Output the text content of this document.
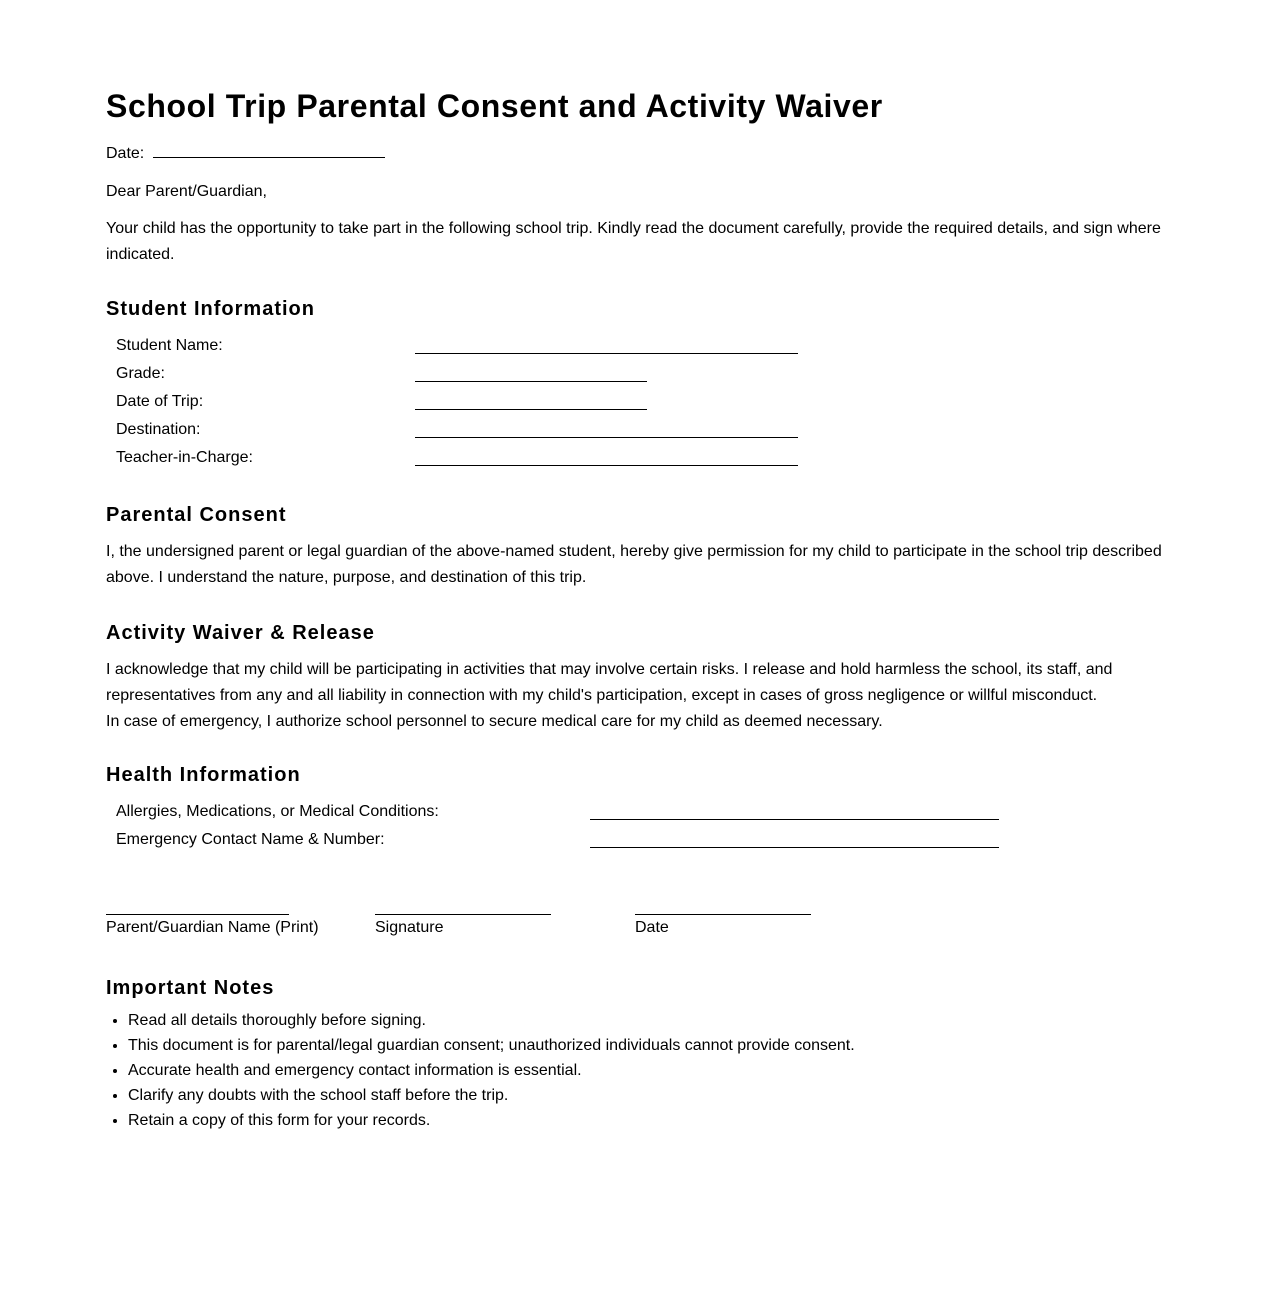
School Trip Parental Consent and Activity Waiver
Date:
Dear Parent/Guardian,

Your child has the opportunity to take part in the following school trip. Kindly read the document carefully, provide the required details, and sign where indicated.

Student Information
Student Name:
Grade:
Date of Trip:
Destination:
Teacher-in-Charge:
Parental Consent

I, the undersigned parent or legal guardian of the above-named student, hereby give permission for my child to participate in the school trip described above. I understand the nature, purpose, and destination of this trip.

Activity Waiver & Release

I acknowledge that my child will be participating in activities that may involve certain risks. I release and hold harmless the school, its staff, and representatives from any and all liability in connection with my child's participation, except in cases of gross negligence or willful misconduct.
In case of emergency, I authorize school personnel to secure medical care for my child as deemed necessary.

Health Information
Allergies, Medications, or Medical Conditions:
Emergency Contact Name & Number:
Parent/Guardian Name (Print)	Signature	Date
Important Notes
• Read all details thoroughly before signing.
• This document is for parental/legal guardian consent; unauthorized individuals cannot provide consent.
• Accurate health and emergency contact information is essential.
• Clarify any doubts with the school staff before the trip.
• Retain a copy of this form for your records.
